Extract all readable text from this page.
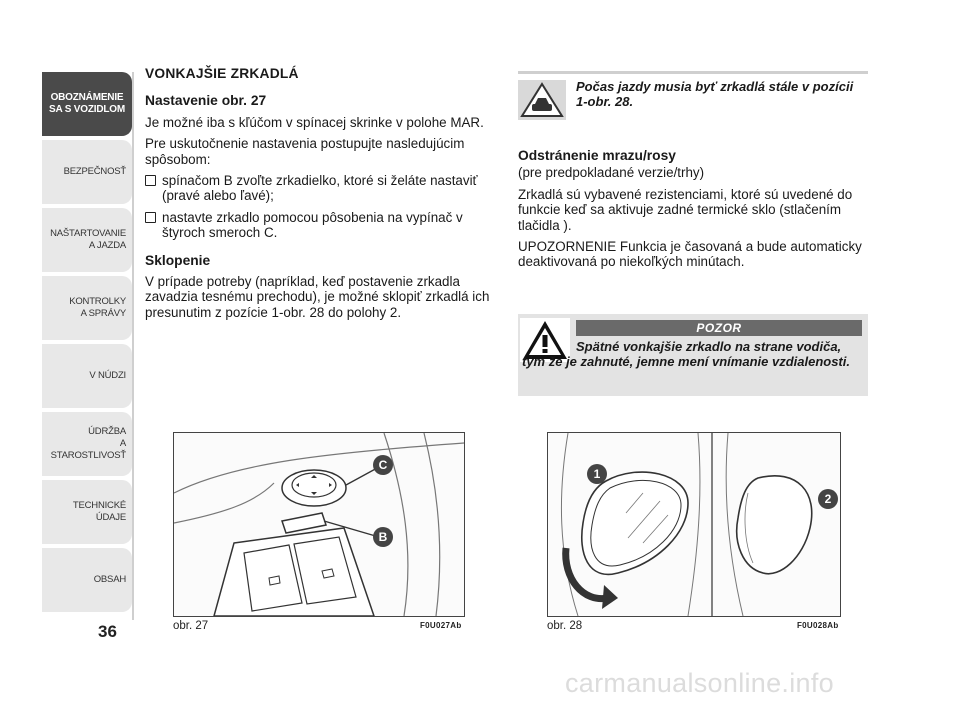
OBOZNÁMENIE
SA S VOZIDLOM
BEZPEČNOSŤ
NAŠTARTOVANIE
A JAZDA
KONTROLKY
A SPRÁVY
V NÚDZI
ÚDRŽBA
A STAROSTLIVOSŤ
TECHNICKÉ
ÚDAJE
OBSAH
36

VONKAJŠIE ZRKADLÁ

Nastavenie obr. 27

Je možné iba s kľúčom v spínacej skrinke v polohe MAR.

Pre uskutočnenie nastavenia postupujte nasledujúcim spôsobom:

spínačom B zvoľte zrkadielko, ktoré si želáte nastaviť (pravé alebo ľavé);
nastavte zrkadlo pomocou pôsobenia na vypínač v štyroch smeroch C.

Sklopenie

V prípade potreby (napríklad, keď postavenie zrkadla zavadzia tesnému prechodu), je možné sklopiť zrkadlá ich presunutim z pozície 1-obr. 28 do polohy 2.

Počas jazdy musia byť zrkadlá stále v pozícii 1-obr. 28.

Odstránenie mrazu/rosy

(pre predpokladané verzie/trhy)

Zrkadlá sú vybavené rezistenciami, ktoré sú uvedené do funkcie keď sa aktivuje zadné termické sklo (stlačením tlačidla ).

UPOZORNENIE Funkcia je časovaná a bude automaticky deaktivovaná po niekoľkých minútach.

POZOR
Spätné vonkajšie zrkadlo na strane vodiča, tým že je zahnuté, jemne mení vnímanie vzdialenosti.
C
B
obr. 27	F0U027Ab
1
2
obr. 28	F0U028Ab
carmanualsonline.info
